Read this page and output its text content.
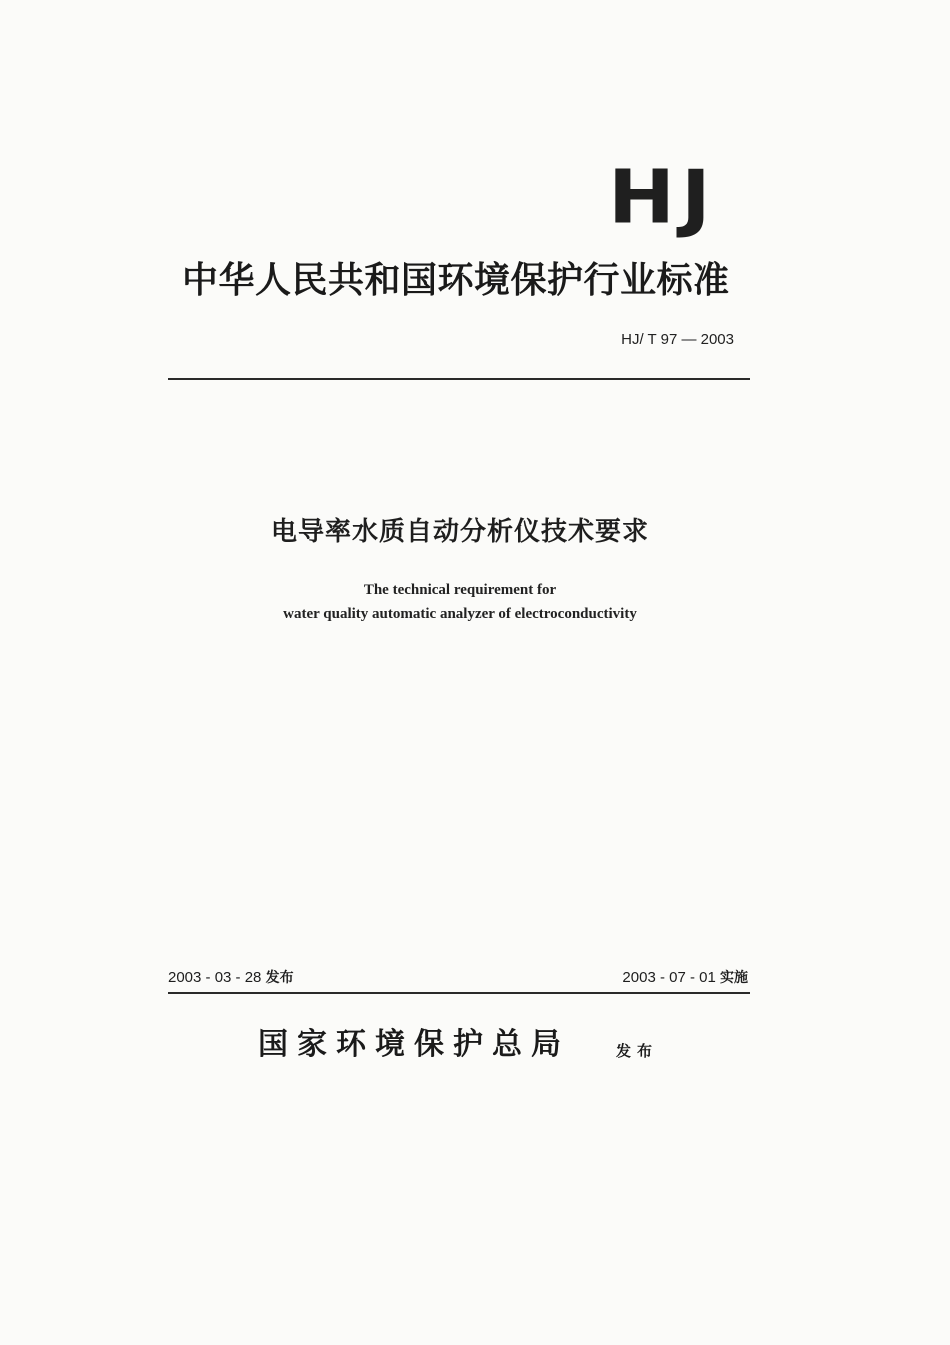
HJ
中华人民共和国环境保护行业标准
HJ/ T 97 — 2003
电导率水质自动分析仪技术要求
The technical requirement for
water quality automatic analyzer of electroconductivity
2003 - 03 - 28 发布	2003 - 07 - 01 实施
国家环境保护总局	发布
